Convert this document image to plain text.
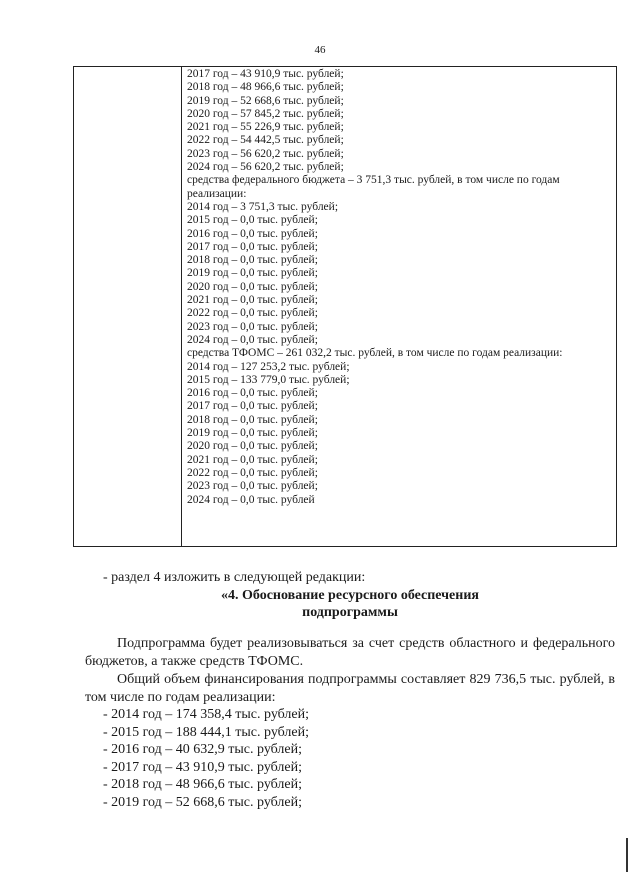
46
2017 год – 43 910,9 тыс. рублей;
2018 год – 48 966,6 тыс. рублей;
2019 год – 52 668,6 тыс. рублей;
2020 год – 57 845,2 тыс. рублей;
2021 год – 55 226,9 тыс. рублей;
2022 год – 54 442,5 тыс. рублей;
2023 год – 56 620,2 тыс. рублей;
2024 год – 56 620,2 тыс. рублей;
средства федерального бюджета – 3 751,3 тыс. рублей, в том числе по годам
реализации:
2014 год – 3 751,3 тыс. рублей;
2015 год – 0,0 тыс. рублей;
2016 год – 0,0 тыс. рублей;
2017 год – 0,0 тыс. рублей;
2018 год – 0,0 тыс. рублей;
2019 год – 0,0 тыс. рублей;
2020 год – 0,0 тыс. рублей;
2021 год – 0,0 тыс. рублей;
2022 год – 0,0 тыс. рублей;
2023 год – 0,0 тыс. рублей;
2024 год – 0,0 тыс. рублей;
средства ТФОМС – 261 032,2 тыс. рублей, в том числе по годам реализации:
2014 год – 127 253,2 тыс. рублей;
2015 год – 133 779,0 тыс. рублей;
2016 год – 0,0 тыс. рублей;
2017 год – 0,0 тыс. рублей;
2018 год – 0,0 тыс. рублей;
2019 год – 0,0 тыс. рублей;
2020 год – 0,0 тыс. рублей;
2021 год – 0,0 тыс. рублей;
2022 год – 0,0 тыс. рублей;
2023 год – 0,0 тыс. рублей;
2024 год – 0,0 тыс. рублей
- раздел 4 изложить в следующей редакции:
«4. Обоснование ресурсного обеспечения
подпрограммы
Подпрограмма будет реализовываться за счет средств областного и федерального бюджетов, а также средств ТФОМС.
Общий объем финансирования подпрограммы составляет 829 736,5 тыс. рублей, в том числе по годам реализации:
- 2014 год – 174 358,4 тыс. рублей;
- 2015 год – 188 444,1 тыс. рублей;
- 2016 год – 40 632,9 тыс. рублей;
- 2017 год – 43 910,9 тыс. рублей;
- 2018 год – 48 966,6 тыс. рублей;
- 2019 год – 52 668,6 тыс. рублей;
